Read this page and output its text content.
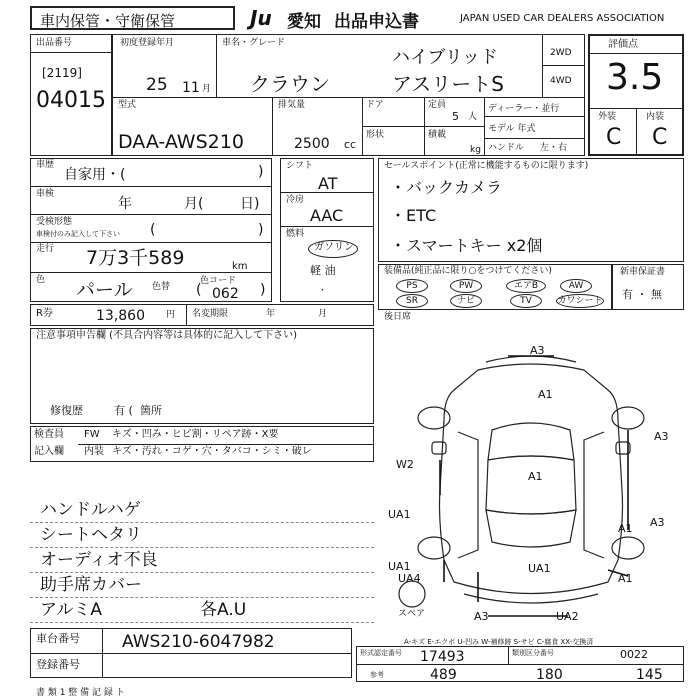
車内保管・守衛保管	Ju 愛知 出品申込書	JAPAN USED CAR DEALERS ASSOCIATION
出品番号
[2119]
04015
初度登録年月
25 11 月
車名・グレード
クラウン
ハイブリッド
アスリートS
2WD
4WD
型式
DAA-AWS210
排気量
2500 cc
ドア	定員
5 人
形状	積載
kg
ディーラー・並行
モデル 年式
ハンドル 左・右
評価点
3.5
外装	内装
C C
車歴
自家用・(	)
車検
年	月(	日)
受検形態
車検付のみ記入して下さい (	)
走行 7万3千589	km
色 パール 色替
色コード
( 062 )
シフト
AT
冷房
AAC
燃料
ガソリン
軽 油
・
セールスポイント(正常に機能するものに限ります)
・バックカメラ
・ETC
・スマートキー x2個
装備品(純正品に限り○をつけてください)
PS	PW	エアB	AW
SR	ナビ	TV	カワシート
新車保証書
有 ・ 無
R券	13,860 円 名変期限	年	月
注意事項申告欄 (不具合内容等は具体的に記入して下さい)
修復歴	有 ( 箇所
後日席
検査員
記入欄
FW キズ・凹み・ヒビ割・リペア跡・X要
内装 キズ・汚れ・コゲ・穴・タバコ・シミ・破レ
ハンドルハゲ
シートヘタリ
オーディオ不良
助手席カバー
アルミA	各A.U
A3
A1
A3
W2
UA1
A1
UA1
A3
A1
UA4
UA1
A1
A3	UA2
スペア
A-キズ E-エクボ U-凹み W-補修跡 S-サビ C-腐食 XX-交換済
車台番号 AWS210-6047982
登録番号
形式認定番号 17493	類別区分番号	0022
参考	489	180	145
書 類 1 整 備 記 録 ト
